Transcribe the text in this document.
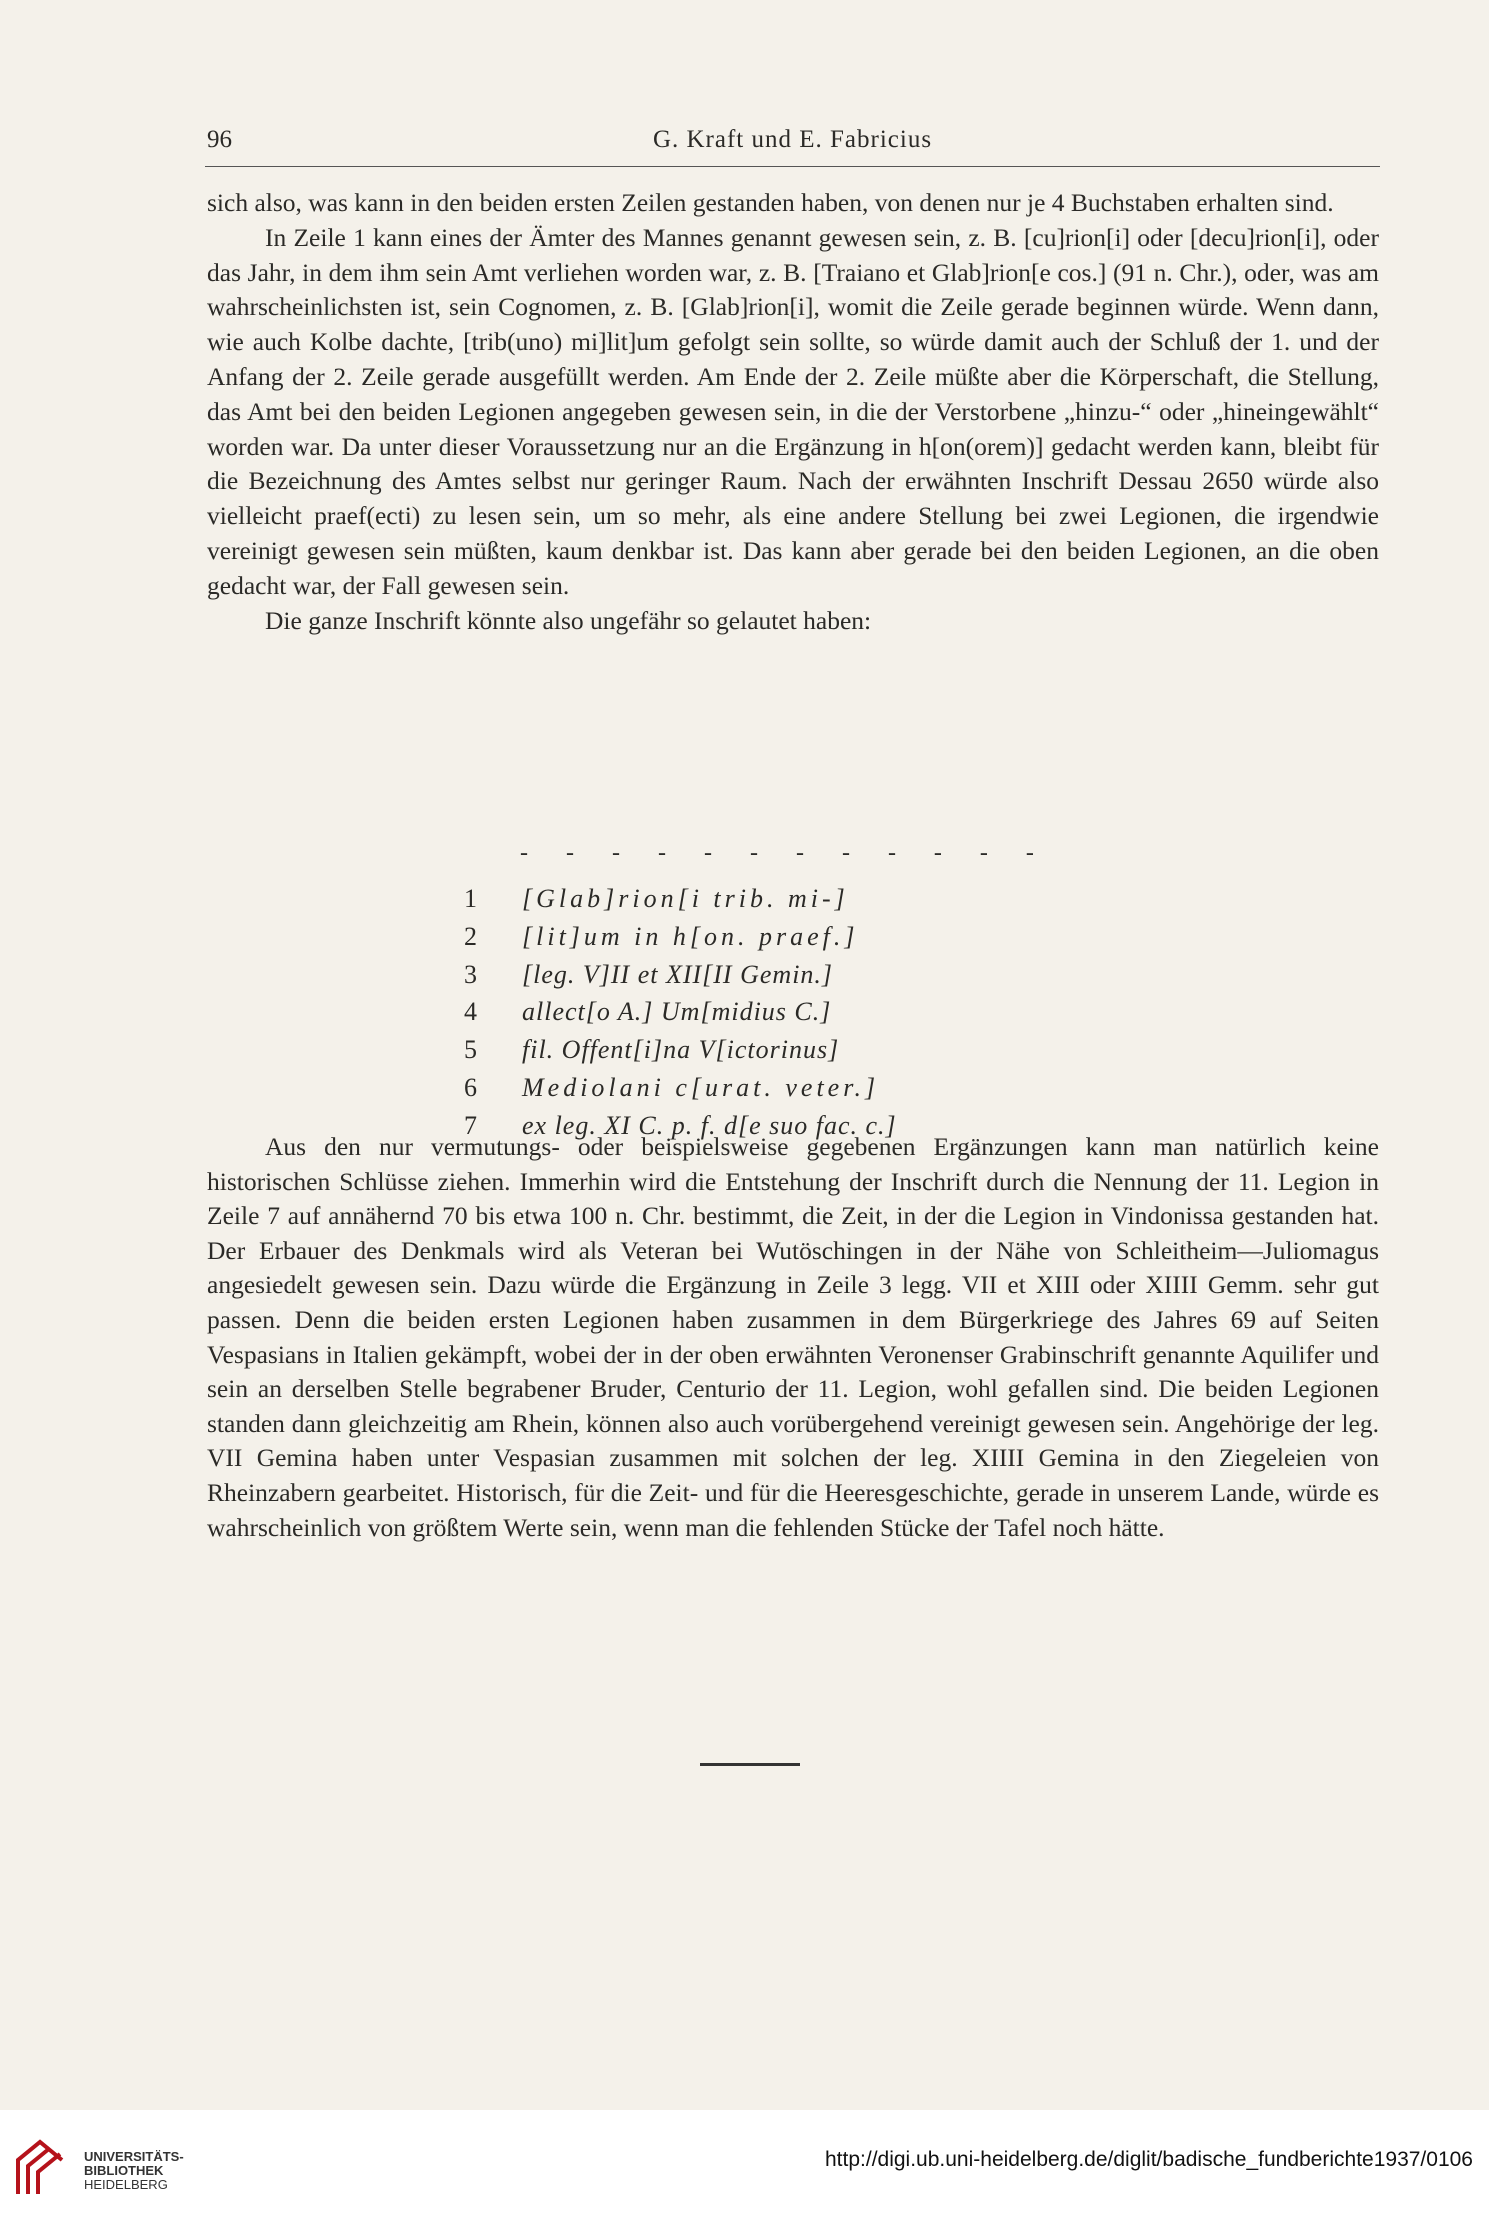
96	G. Kraft und E. Fabricius

sich also, was kann in den beiden ersten Zeilen gestanden haben, von denen nur je 4 Buchstaben erhalten sind.

In Zeile 1 kann eines der Ämter des Mannes genannt gewesen sein, z. B. [cu]rion[i] oder [decu]rion[i], oder das Jahr, in dem ihm sein Amt verliehen worden war, z. B. [Traiano et Glab]rion[e cos.] (91 n. Chr.), oder, was am wahrscheinlichsten ist, sein Cognomen, z. B. [Glab]rion[i], womit die Zeile gerade beginnen würde. Wenn dann, wie auch Kolbe dachte, [trib(uno) mi]lit]um gefolgt sein sollte, so würde damit auch der Schluß der 1. und der Anfang der 2. Zeile gerade ausgefüllt werden. Am Ende der 2. Zeile müßte aber die Körperschaft, die Stellung, das Amt bei den beiden Legionen angegeben gewesen sein, in die der Verstorbene „hinzu-“ oder „hineingewählt“ worden war. Da unter dieser Voraussetzung nur an die Ergänzung in h[on(orem)] gedacht werden kann, bleibt für die Bezeichnung des Amtes selbst nur geringer Raum. Nach der erwähnten Inschrift Dessau 2650 würde also vielleicht praef(ecti) zu lesen sein, um so mehr, als eine andere Stellung bei zwei Legionen, die irgendwie vereinigt gewesen sein müßten, kaum denkbar ist. Das kann aber gerade bei den beiden Legionen, an die oben gedacht war, der Fall gewesen sein.

Die ganze Inschrift könnte also ungefähr so gelautet haben:

- - - - - - - - - - - -
1 [Glab]rion[i trib. mi-]
2 [lit]um in h[on. praef.]
3 [leg. V]II et XII[II Gemin.]
4 allect[o A.] Um[midius C.]
5 fil. Offent[i]na V[ictorinus]
6 Mediolani c[urat. veter.]
7 ex leg. XI C. p. f. d[e suo fac. c.]

Aus den nur vermutungs- oder beispielsweise gegebenen Ergänzungen kann man natürlich keine historischen Schlüsse ziehen. Immerhin wird die Entstehung der Inschrift durch die Nennung der 11. Legion in Zeile 7 auf annähernd 70 bis etwa 100 n. Chr. bestimmt, die Zeit, in der die Legion in Vindonissa gestanden hat. Der Erbauer des Denkmals wird als Veteran bei Wutöschingen in der Nähe von Schleitheim—Juliomagus angesiedelt gewesen sein. Dazu würde die Ergänzung in Zeile 3 legg. VII et XIII oder XIIII Gemm. sehr gut passen. Denn die beiden ersten Legionen haben zusammen in dem Bürgerkriege des Jahres 69 auf Seiten Vespasians in Italien gekämpft, wobei der in der oben erwähnten Veronenser Grabinschrift genannte Aquilifer und sein an derselben Stelle begrabener Bruder, Centurio der 11. Legion, wohl gefallen sind. Die beiden Legionen standen dann gleichzeitig am Rhein, können also auch vorübergehend vereinigt gewesen sein. Angehörige der leg. VII Gemina haben unter Vespasian zusammen mit solchen der leg. XIIII Gemina in den Ziegeleien von Rheinzabern gearbeitet. Historisch, für die Zeit- und für die Heeresgeschichte, gerade in unserem Lande, würde es wahrscheinlich von größtem Werte sein, wenn man die fehlenden Stücke der Tafel noch hätte.

UNIVERSITÄTS-
BIBLIOTHEK
HEIDELBERG
http://digi.ub.uni-heidelberg.de/diglit/badische_fundberichte1937/0106
